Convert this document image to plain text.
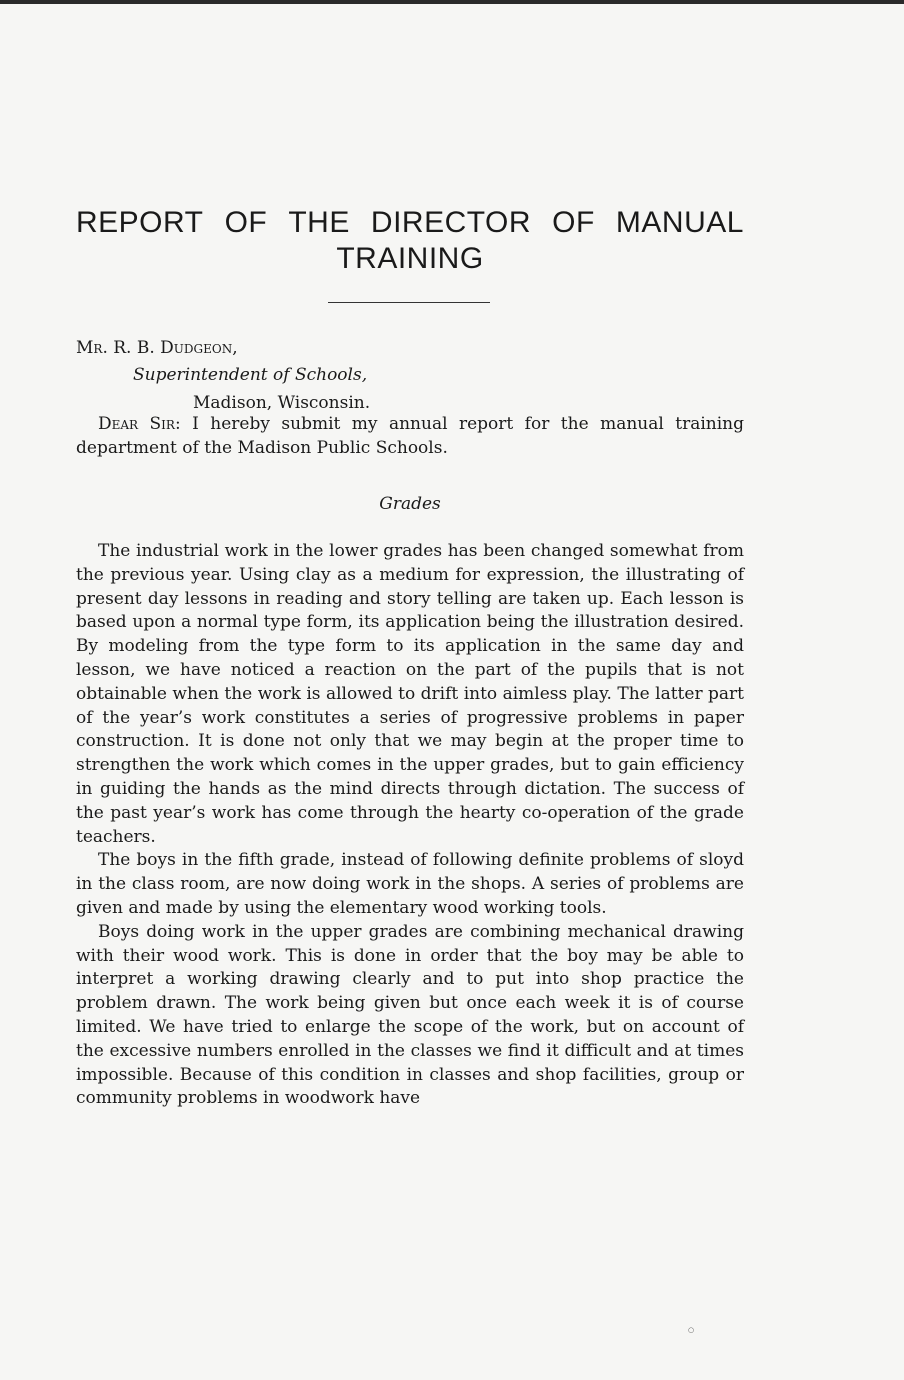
REPORT OF THE DIRECTOR OF MANUAL
TRAINING
Mr. R. B. Dudgeon,
Superintendent of Schools,
Madison, Wisconsin.
Dear Sir: I hereby submit my annual report for the manual training department of the Madison Public Schools.
Grades

The industrial work in the lower grades has been changed somewhat from the previous year. Using clay as a medium for expression, the illustrating of present day lessons in reading and story telling are taken up. Each lesson is based upon a normal type form, its application being the illustration desired. By modeling from the type form to its application in the same day and lesson, we have noticed a reaction on the part of the pupils that is not obtainable when the work is allowed to drift into aimless play. The latter part of the year’s work constitutes a series of progressive problems in paper construction. It is done not only that we may begin at the proper time to strengthen the work which comes in the upper grades, but to gain efficiency in guiding the hands as the mind directs through dictation. The success of the past year’s work has come through the hearty co-operation of the grade teachers.

The boys in the fifth grade, instead of following definite problems of sloyd in the class room, are now doing work in the shops. A series of problems are given and made by using the elementary wood working tools.

Boys doing work in the upper grades are combining mechanical drawing with their wood work. This is done in order that the boy may be able to interpret a working drawing clearly and to put into shop practice the problem drawn. The work being given but once each week it is of course limited. We have tried to enlarge the scope of the work, but on account of the excessive numbers enrolled in the classes we find it difficult and at times impossible. Because of this condition in classes and shop facilities, group or community problems in woodwork have

○
